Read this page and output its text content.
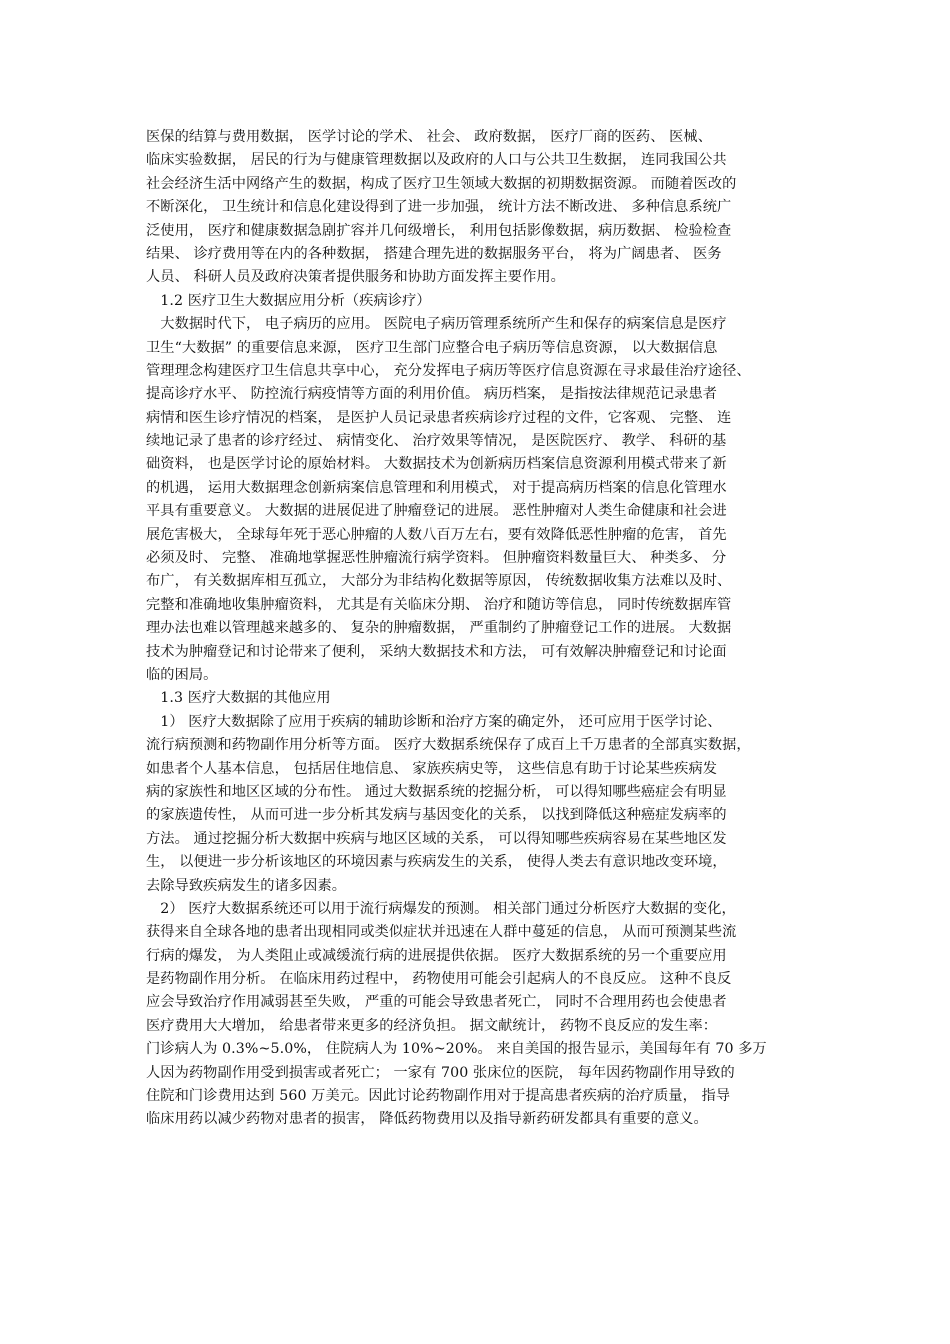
医保的结算与费用数据， 医学讨论的学术、 社会、 政府数据， 医疗厂商的医药、 医械、
临床实验数据， 居民的行为与健康管理数据以及政府的人口与公共卫生数据， 连同我国公共
社会经济生活中网络产生的数据，构成了医疗卫生领域大数据的初期数据资源。 而随着医改的
不断深化， 卫生统计和信息化建设得到了进一步加强， 统计方法不断改进、 多种信息系统广
泛使用， 医疗和健康数据急剧扩容并几何级增长， 利用包括影像数据，病历数据、 检验检查
结果、 诊疗费用等在内的各种数据， 搭建合理先进的数据服务平台， 将为广阔患者、 医务
人员、 科研人员及政府决策者提供服务和协助方面发挥主要作用。
　1.2 医疗卫生大数据应用分析（疾病诊疗）
　大数据时代下， 电子病历的应用。 医院电子病历管理系统所产生和保存的病案信息是医疗
卫生“大数据” 的重要信息来源， 医疗卫生部门应整合电子病历等信息资源， 以大数据信息
管理理念构建医疗卫生信息共享中心， 充分发挥电子病历等医疗信息资源在寻求最佳治疗途径、
提高诊疗水平、 防控流行病疫情等方面的利用价值。 病历档案， 是指按法律规范记录患者
病情和医生诊疗情况的档案， 是医护人员记录患者疾病诊疗过程的文件，它客观、 完整、 连
续地记录了患者的诊疗经过、 病情变化、 治疗效果等情况， 是医院医疗、 教学、 科研的基
础资料， 也是医学讨论的原始材料。 大数据技术为创新病历档案信息资源利用模式带来了新
的机遇， 运用大数据理念创新病案信息管理和利用模式， 对于提高病历档案的信息化管理水
平具有重要意义。 大数据的进展促进了肿瘤登记的进展。 恶性肿瘤对人类生命健康和社会进
展危害极大， 全球每年死于恶心肿瘤的人数八百万左右，要有效降低恶性肿瘤的危害， 首先
必须及时、 完整、 准确地掌握恶性肿瘤流行病学资料。 但肿瘤资料数量巨大、 种类多、 分
布广， 有关数据库相互孤立， 大部分为非结构化数据等原因， 传统数据收集方法难以及时、
完整和准确地收集肿瘤资料， 尤其是有关临床分期、 治疗和随访等信息， 同时传统数据库管
理办法也难以管理越来越多的、 复杂的肿瘤数据， 严重制约了肿瘤登记工作的进展。 大数据
技术为肿瘤登记和讨论带来了便利， 采纳大数据技术和方法， 可有效解决肿瘤登记和讨论面
临的困局。
　1.3 医疗大数据的其他应用
　1） 医疗大数据除了应用于疾病的辅助诊断和治疗方案的确定外， 还可应用于医学讨论、
流行病预测和药物副作用分析等方面。 医疗大数据系统保存了成百上千万患者的全部真实数据，
如患者个人基本信息， 包括居住地信息、 家族疾病史等， 这些信息有助于讨论某些疾病发
病的家族性和地区区域的分布性。 通过大数据系统的挖掘分析， 可以得知哪些癌症会有明显
的家族遗传性， 从而可进一步分析其发病与基因变化的关系， 以找到降低这种癌症发病率的
方法。 通过挖掘分析大数据中疾病与地区区域的关系， 可以得知哪些疾病容易在某些地区发
生， 以便进一步分析该地区的环境因素与疾病发生的关系， 使得人类去有意识地改变环境，
去除导致疾病发生的诸多因素。
　2） 医疗大数据系统还可以用于流行病爆发的预测。 相关部门通过分析医疗大数据的变化，
获得来自全球各地的患者出现相同或类似症状并迅速在人群中蔓延的信息， 从而可预测某些流
行病的爆发， 为人类阻止或减缓流行病的进展提供依据。 医疗大数据系统的另一个重要应用
是药物副作用分析。 在临床用药过程中， 药物使用可能会引起病人的不良反应。 这种不良反
应会导致治疗作用减弱甚至失败， 严重的可能会导致患者死亡， 同时不合理用药也会使患者
医疗费用大大增加， 给患者带来更多的经济负担。 据文献统计， 药物不良反应的发生率：
门诊病人为 0.3%~5.0%， 住院病人为 10%~20%。 来自美国的报告显示，美国每年有 70 多万
人因为药物副作用受到损害或者死亡； 一家有 700 张床位的医院， 每年因药物副作用导致的
住院和门诊费用达到 560 万美元。因此讨论药物副作用对于提高患者疾病的治疗质量， 指导
临床用药以减少药物对患者的损害， 降低药物费用以及指导新药研发都具有重要的意义。
